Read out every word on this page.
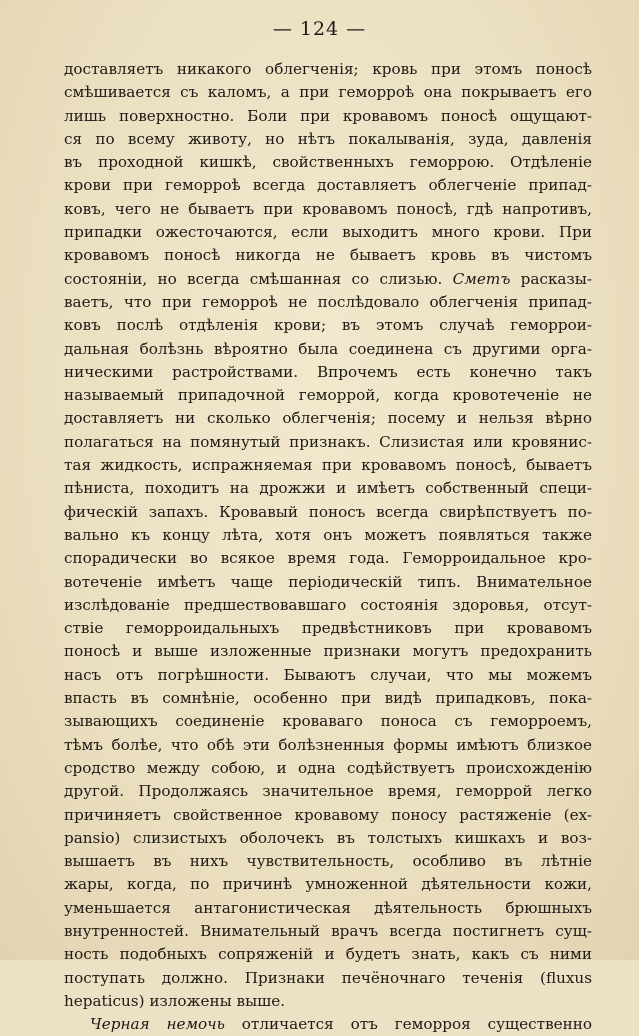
— 124 —
доставляетъ никакого облегченія; кровь при этомъ поносѣ
смѣшивается съ каломъ, а при геморроѣ она покрываетъ его
лишь поверхностно. Боли при кровавомъ поносѣ ощущают-
ся по всему животу, но нѣтъ покалыванія, зуда, давленія
въ проходной кишкѣ, свойственныхъ геморрою. Отдѣленіе
крови при геморроѣ всегда доставляетъ облегченіе припад-
ковъ, чего не бываетъ при кровавомъ поносѣ, гдѣ напротивъ,
припадки ожесточаются, если выходитъ много крови. При
кровавомъ поносѣ никогда не бываетъ кровь въ чистомъ
состояніи, но всегда смѣшанная со слизью. Сметъ расказы-
ваетъ, что при геморроѣ не послѣдовало облегченія припад-
ковъ послѣ отдѣленія крови; въ этомъ случаѣ геморрои-
дальная болѣзнь вѣроятно была соединена съ другими орга-
ническими растройствами. Впрочемъ есть конечно такъ
называемый припадочной геморрой, когда кровотеченіе не
доставляетъ ни сколько облегченія; посему и нельзя вѣрно
полагаться на помянутый признакъ. Слизистая или кровянис-
тая жидкость, испражняемая при кровавомъ поносѣ, бываетъ
пѣниста, походитъ на дрожжи и имѣетъ собственный специ-
фическій запахъ. Кровавый поносъ всегда свирѣпствуетъ по-
вально къ концу лѣта, хотя онъ можетъ появляться также
спорадически во всякое время года. Геморроидальное кро-
вотеченіе имѣетъ чаще періодическій типъ. Внимательное
изслѣдованіе предшествовавшаго состоянія здоровья, отсут-
ствіе геморроидальныхъ предвѣстниковъ при кровавомъ
поносѣ и выше изложенные признаки могутъ предохранить
насъ отъ погрѣшности. Бываютъ случаи, что мы можемъ
впасть въ сомнѣніе, особенно при видѣ припадковъ, пока-
зывающихъ соединеніе кроваваго поноса съ геморроемъ,
тѣмъ болѣе, что обѣ эти болѣзненныя формы имѣютъ близкое
сродство между собою, и одна содѣйствуетъ происхожденію
другой. Продолжаясь значительное время, геморрой легко
причиняетъ свойственное кровавому поносу растяженіе (ex-
pansio) слизистыхъ оболочекъ въ толстыхъ кишкахъ и воз-
вышаетъ въ нихъ чувствительность, особливо въ лѣтніе
жары, когда, по причинѣ умноженной дѣятельности кожи,
уменьшается антагонистическая дѣятельность брюшныхъ
внутренностей. Внимательный врачъ всегда постигнетъ сущ-
ность подобныхъ сопряженій и будетъ знать, какъ съ ними
поступать должно. Признаки печёночнаго теченія (fluxus
hepaticus) изложены выше.
Черная немочь отличается отъ геморроя существенно
